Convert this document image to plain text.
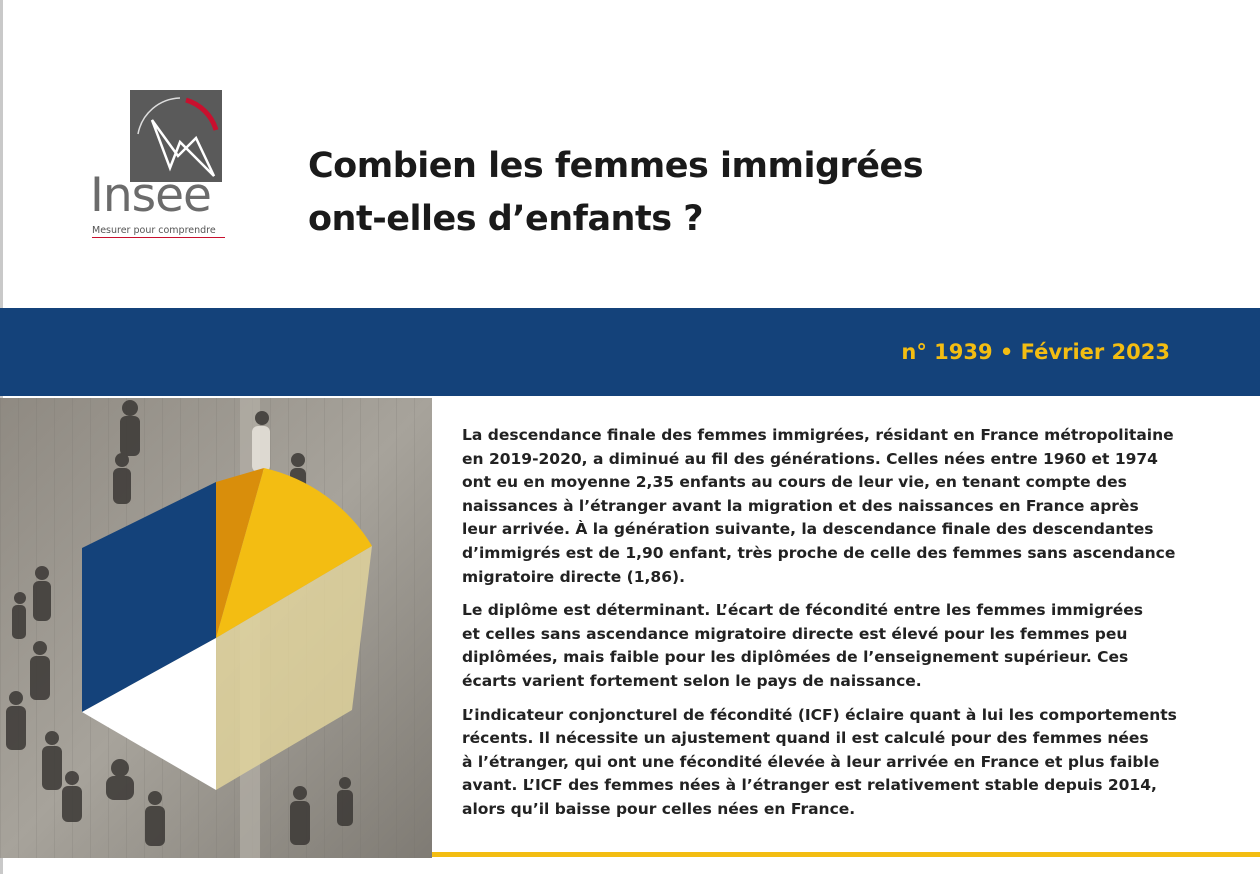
Insee
Mesurer pour comprendre
Combien les femmes immigrées
ont-elles d’enfants ?
n° 1939 • Février 2023

La descendance finale des femmes immigrées, résidant en France métropolitaine
en 2019-2020, a diminué au fil des générations. Celles nées entre 1960 et 1974
ont eu en moyenne 2,35 enfants au cours de leur vie, en tenant compte des
naissances à l’étranger avant la migration et des naissances en France après
leur arrivée. À la génération suivante, la descendance finale des descendantes
d’immigrés est de 1,90 enfant, très proche de celle des femmes sans ascendance
migratoire directe (1,86).

Le diplôme est déterminant. L’écart de fécondité entre les femmes immigrées
et celles sans ascendance migratoire directe est élevé pour les femmes peu
diplômées, mais faible pour les diplômées de l’enseignement supérieur. Ces
écarts varient fortement selon le pays de naissance.

L’indicateur conjoncturel de fécondité (ICF) éclaire quant à lui les comportements
récents. Il nécessite un ajustement quand il est calculé pour des femmes nées
à l’étranger, qui ont une fécondité élevée à leur arrivée en France et plus faible
avant. L’ICF des femmes nées à l’étranger est relativement stable depuis 2014,
alors qu’il baisse pour celles nées en France.
